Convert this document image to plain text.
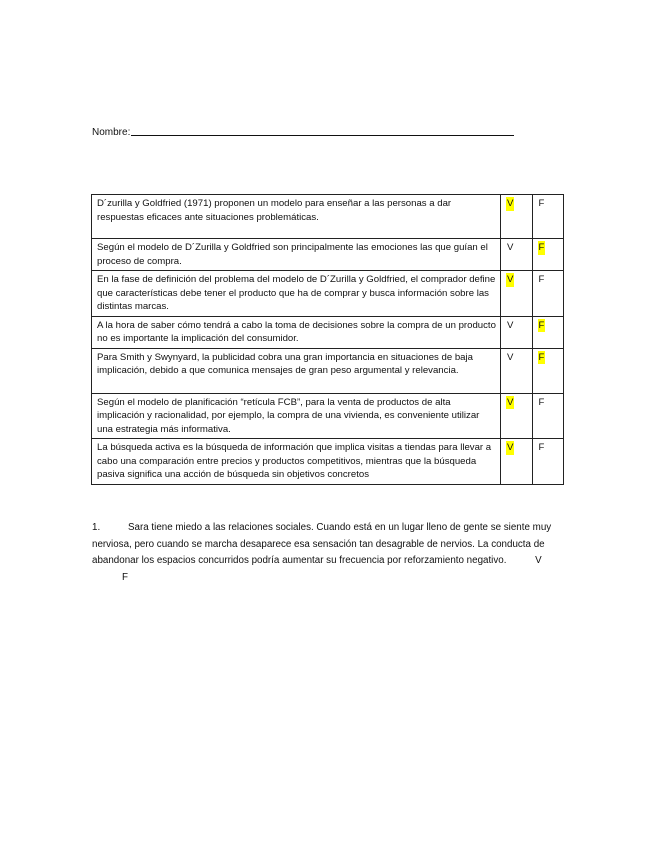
Nombre:
D´zurilla y Goldfried (1971) proponen un modelo para enseñar a las personas a dar respuestas eficaces ante situaciones problemáticas.	V	F
Según el modelo de D´Zurilla y Goldfried son principalmente las emociones las que guían el proceso de compra.	V	F
En la fase de definición del problema del modelo de D´Zurilla y Goldfried, el comprador define que características debe tener el producto que ha de comprar y busca información sobre las distintas marcas.	V	F
A la hora de saber cómo tendrá a cabo la toma de decisiones sobre la compra de un producto no es importante la implicación del consumidor.	V	F
Para Smith y Swynyard, la publicidad cobra una gran importancia en situaciones de baja implicación, debido a que comunica mensajes de gran peso argumental y relevancia.	V	F
Según el modelo de planificación “retícula FCB”, para la venta de productos de alta implicación y racionalidad, por ejemplo, la compra de una vivienda, es conveniente utilizar una estrategia más informativa.	V	F
La búsqueda activa es la búsqueda de información que implica visitas a tiendas para llevar a cabo una comparación entre precios y productos competitivos, mientras que la búsqueda pasiva significa una acción de búsqueda sin objetivos concretos	V	F
1.	Sara tiene miedo a las relaciones sociales. Cuando está en un lugar lleno de gente se siente muy nerviosa, pero cuando se marcha desaparece esa sensación tan desagrable de nervios. La conducta de abandonar los espacios concurridos podría aumentar su frecuencia por reforzamiento negativo.	V F
